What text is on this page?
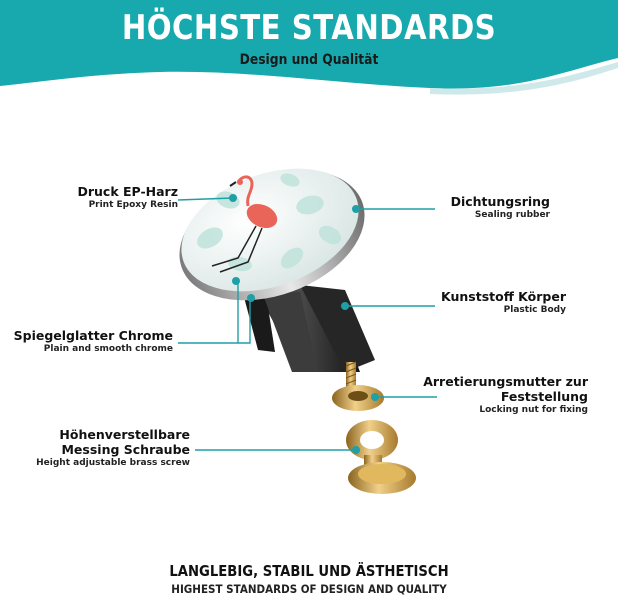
HÖCHSTE STANDARDS
Design und Qualität
Druck EP-Harz
Print Epoxy Resin
Spiegelglatter Chrome
Plain and smooth chrome
Höhenverstellbare
Messing Schraube
Height adjustable brass screw
Dichtungsring
Sealing rubber
Kunststoff Körper
Plastic Body
Arretierungsmutter zur
Feststellung
Locking nut for fixing
LANGLEBIG, STABIL UND ÄSTHETISCH
HIGHEST STANDARDS OF DESIGN AND QUALITY
